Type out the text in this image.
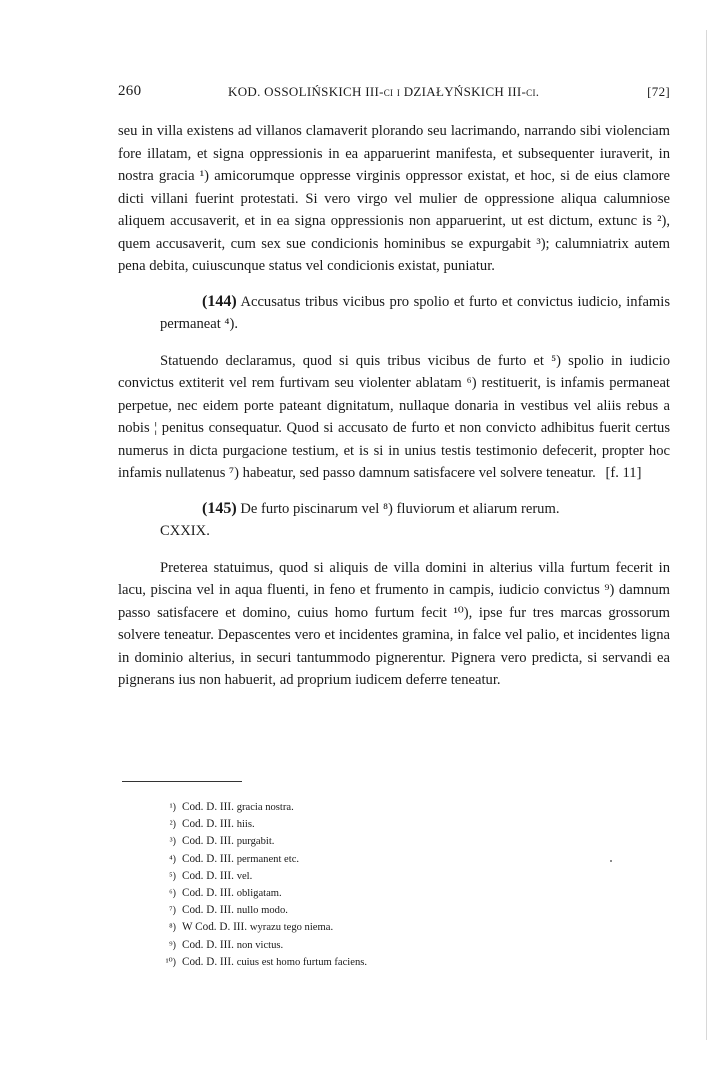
260	KOD. OSSOLIŃSKICH III-ci i DZIAŁYŃSKICH III-ci.	[72]

seu in villa existens ad villanos clamaverit plorando seu lacrimando, narrando sibi violenciam fore illatam, et signa oppressionis in ea apparuerint manifesta, et subsequenter iuraverit, in nostra gracia ¹) amicorumque oppresse virginis oppressor existat, et hoc, si de eius clamore dicti villani fuerint protestati. Si vero virgo vel mulier de oppressione aliqua calumniose aliquem accusaverit, et in ea signa oppressionis non apparuerint, ut est dictum, extunc is ²), quem accusaverit, cum sex sue condicionis hominibus se expurgabit ³); calumniatrix autem pena debita, cuiuscunque status vel condicionis existat, puniatur.

(144) Accusatus tribus vicibus pro spolio et furto et convictus iudicio, infamis permaneat ⁴).

Statuendo declaramus, quod si quis tribus vicibus de furto et ⁵) spolio in iudicio convictus extiterit vel rem furtivam seu violenter ablatam ⁶) restituerit, is infamis permaneat perpetue, nec eidem porte pateant dignitatum, nullaque donaria in vestibus vel aliis rebus a nobis ¦ penitus consequatur. Quod si accusato de furto et non convicto adhibitus fuerit certus numerus in dicta purgacione testium, et is si in unius testis testimonio defecerit, propter hoc infamis nullatenus ⁷) habeatur, sed passo damnum satisfacere vel solvere teneatur. [f. 11]

(145) De furto piscinarum vel ⁸) fluviorum et aliarum rerum.
CXXIX.

Preterea statuimus, quod si aliquis de villa domini in alterius villa furtum fecerit in lacu, piscina vel in aqua fluenti, in feno et frumento in campis, iudicio convictus ⁹) damnum passo satisfacere et domino, cuius homo furtum fecit ¹⁰), ipse fur tres marcas grossorum solvere teneatur. Depascentes vero et incidentes gramina, in falce vel palio, et incidentes ligna in dominio alterius, in securi tantummodo pignerentur. Pignera vero predicta, si servandi ea pignerans ius non habuerit, ad proprium iudicem deferre teneatur.

¹) Cod. D. III. gracia nostra.
²) Cod. D. III. hiis.
³) Cod. D. III. purgabit.
⁴) Cod. D. III. permanent etc.
⁵) Cod. D. III. vel.
⁶) Cod. D. III. obligatam.
⁷) Cod. D. III. nullo modo.
⁸) W Cod. D. III. wyrazu tego niema.
⁹) Cod. D. III. non victus.
¹⁰) Cod. D. III. cuius est homo furtum faciens.
